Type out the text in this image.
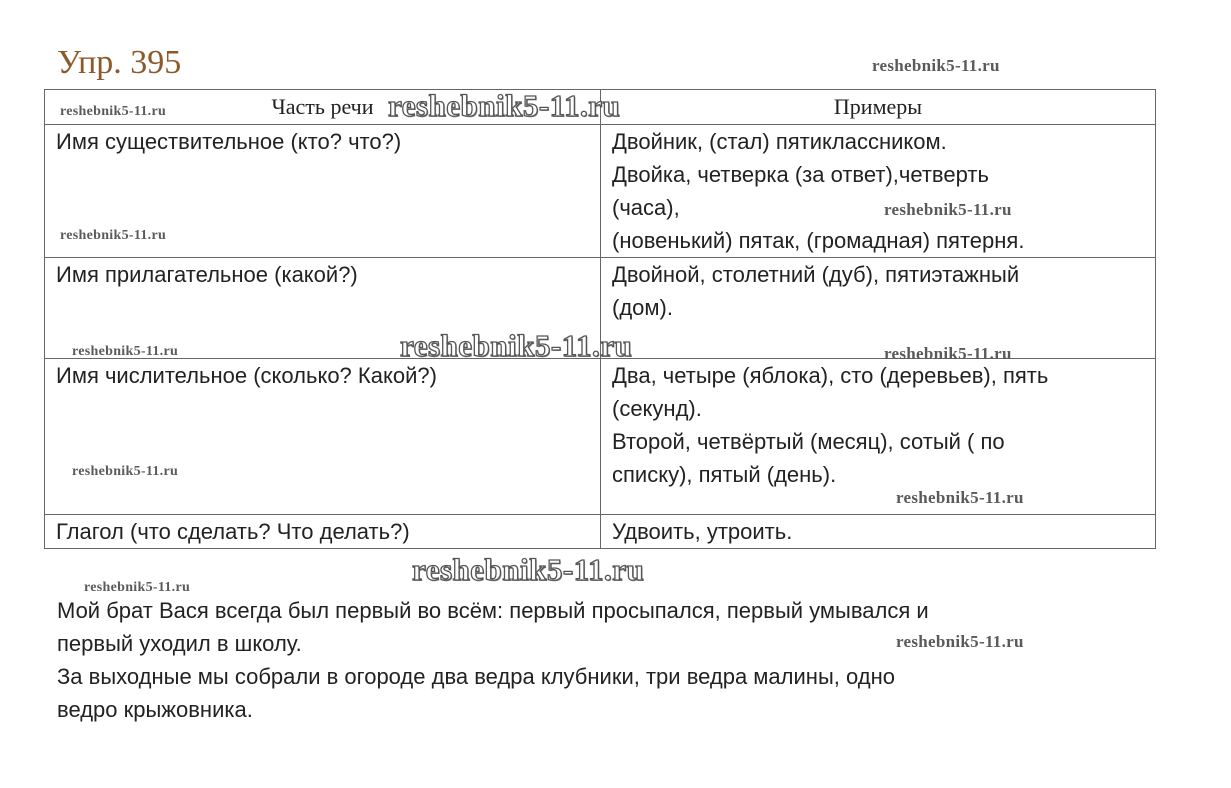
Упр. 395
Часть речи	Примеры

Имя существительное (кто? что?)	Двойник, (стал) пятиклассником.
Двойка, четверка (за ответ),четверть
(часа),
(новенький) пятак, (громадная) пятерня.

Имя прилагательное (какой?)	Двойной, столетний (дуб), пятиэтажный
(дом).

Имя числительное (сколько? Какой?)	Два, четыре (яблока), сто (деревьев), пять
(секунд).
Второй, четвёртый (месяц), сотый ( по
списку), пятый (день).

Глагол (что сделать? Что делать?)	Удвоить, утроить.
Мой брат Вася всегда был первый во всём: первый просыпался, первый умывался и
первый уходил в школу.
За выходные мы собрали в огороде два ведра клубники, три ведра малины, одно
ведро крыжовника.
reshebnik5-11.ru
reshebnik5-11.ru	reshebnik5-11.ru
reshebnik5-11.ru
reshebnik5-11.ru
reshebnik5-11.ru
reshebnik5-11.ru	reshebnik5-11.ru
reshebnik5-11.ru
reshebnik5-11.ru
reshebnik5-11.ru
reshebnik5-11.ru
reshebnik5-11.ru
